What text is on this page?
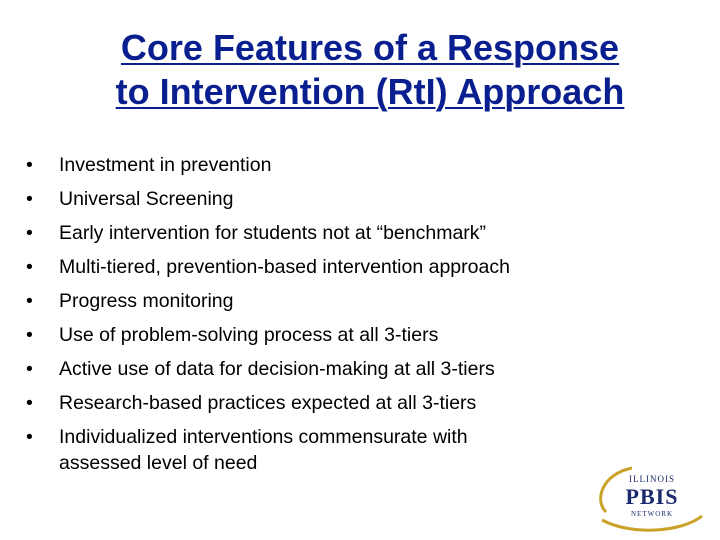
Core Features of a Response
to Intervention (RtI) Approach
•	Investment in prevention
•	Universal Screening
•	Early intervention for students not at “benchmark”
•	Multi-tiered, prevention-based intervention approach
•	Progress monitoring
•	Use of problem-solving process at all 3-tiers
•	Active use of data for decision-making at all 3-tiers
•	Research-based practices expected at all 3-tiers
•	Individualized interventions commensurate with
assessed level of need
ILLINOIS
PBIS
NETWORK
